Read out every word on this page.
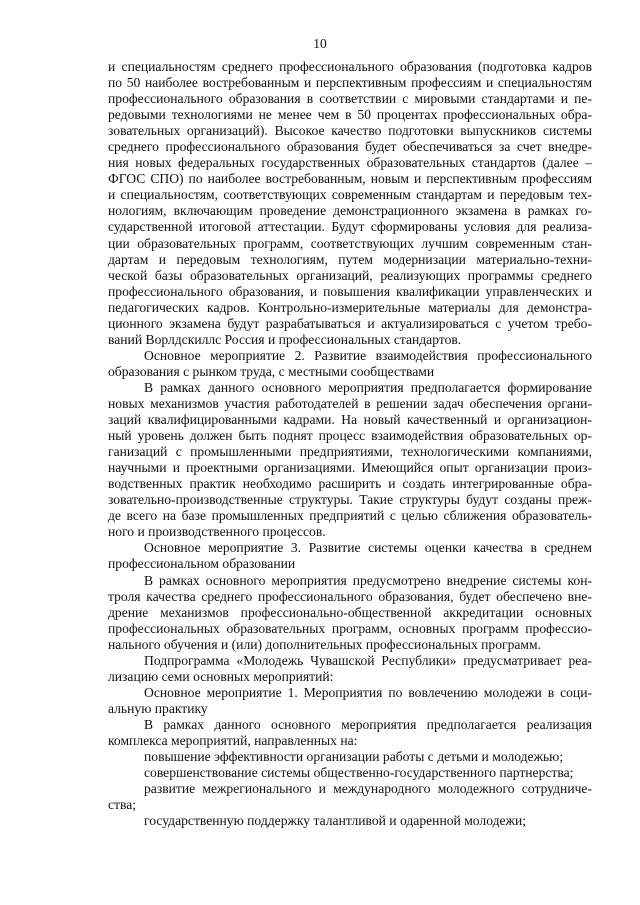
10
и специальностям среднего профессионального образования (подготовка кадров
по 50 наиболее востребованным и перспективным профессиям и специальностям
профессионального образования в соответствии с мировыми стандартами и пе-
редовыми технологиями не менее чем в 50 процентах профессиональных обра-
зовательных организаций). Высокое качество подготовки выпускников системы
среднего профессионального образования будет обеспечиваться за счет внедре-
ния новых федеральных государственных образовательных стандартов (далее –
ФГОС СПО) по наиболее востребованным, новым и перспективным профессиям
и специальностям, соответствующих современным стандартам и передовым тех-
нологиям, включающим проведение демонстрационного экзамена в рамках го-
сударственной итоговой аттестации. Будут сформированы условия для реализа-
ции образовательных программ, соответствующих лучшим современным стан-
дартам и передовым технологиям, путем модернизации материально-техни-
ческой базы образовательных организаций, реализующих программы среднего
профессионального образования, и повышения квалификации управленческих и
педагогических кадров. Контрольно-измерительные материалы для демонстра-
ционного экзамена будут разрабатываться и актуализироваться с учетом требо-
ваний Ворлдскиллс Россия и профессиональных стандартов.
Основное мероприятие 2. Развитие взаимодействия профессионального
образования с рынком труда, с местными сообществами
В рамках данного основного мероприятия предполагается формирование
новых механизмов участия работодателей в решении задач обеспечения органи-
заций квалифицированными кадрами. На новый качественный и организацион-
ный уровень должен быть поднят процесс взаимодействия образовательных ор-
ганизаций с промышленными предприятиями, технологическими компаниями,
научными и проектными организациями. Имеющийся опыт организации произ-
водственных практик необходимо расширить и создать интегрированные обра-
зовательно-производственные структуры. Такие структуры будут созданы преж-
де всего на базе промышленных предприятий с целью сближения образователь-
ного и производственного процессов.
Основное мероприятие 3. Развитие системы оценки качества в среднем
профессиональном образовании
В рамках основного мероприятия предусмотрено внедрение системы кон-
троля качества среднего профессионального образования, будет обеспечено вне-
дрение механизмов профессионально-общественной аккредитации основных
профессиональных образовательных программ, основных программ профессио-
нального обучения и (или) дополнительных профессиональных программ.
Подпрограмма «Молодежь Чувашской Республики» предусматривает реа-
лизацию семи основных мероприятий:
Основное мероприятие 1. Мероприятия по вовлечению молодежи в соци-
альную практику
В рамках данного основного мероприятия предполагается реализация
комплекса мероприятий, направленных на:
повышение эффективности организации работы с детьми и молодежью;
совершенствование системы общественно-государственного партнерства;
развитие межрегионального и международного молодежного сотрудниче-
ства;
государственную поддержку талантливой и одаренной молодежи;
